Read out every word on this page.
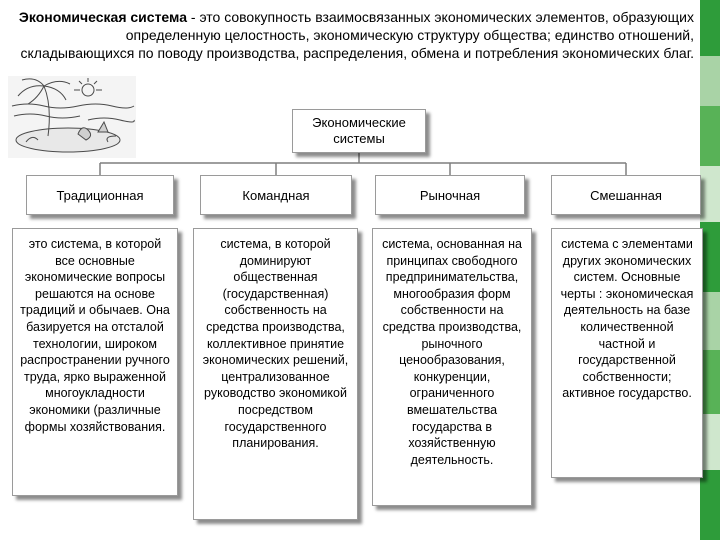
Экономическая система - это совокупность взаимосвязанных экономических элементов, образующих определенную целостность, экономическую структуру общества; единство отношений, складывающихся по поводу производства, распределения, обмена и потребления экономических благ.

Экономические системы
Традиционная	Командная	Рыночная	Смешанная
это система, в которой все основные экономические вопросы решаются на основе традиций и обычаев. Она базируется на отсталой технологии, широком распространении ручного труда, ярко выраженной многоукладности экономики (различные формы хозяйствования.
система, в которой доминируют общественная (государственная) собственность на средства производства, коллективное принятие экономических решений, централизованное руководство экономикой посредством государственного планирования.
система, основанная на принципах свободного предпринимательства, многообразия форм собственности на средства производства, рыночного ценообразования, конкуренции, ограниченного вмешательства государства в хозяйственную деятельность.
система с элементами других экономических систем. Основные черты : экономическая деятельность на базе количественной частной и государственной собственности; активное государство.
